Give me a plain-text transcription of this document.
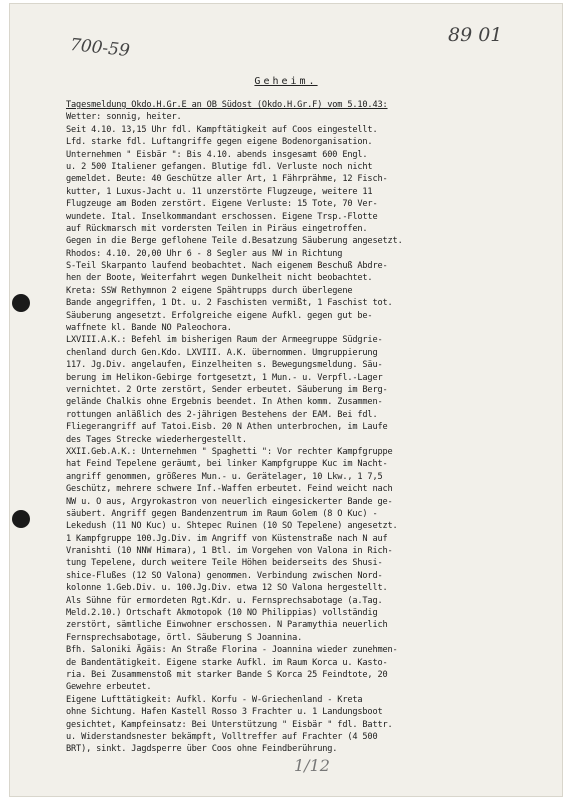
700-59	89 01
Geheim.
Tagesmeldung Okdo.H.Gr.E an OB Südost (Okdo.H.Gr.F) vom 5.10.43:
Wetter: sonnig, heiter.
Seit 4.10. 13,15 Uhr fdl. Kampftätigkeit auf Coos eingestellt.
Lfd. starke fdl. Luftangriffe gegen eigene Bodenorganisation.
Unternehmen " Eisbär ": Bis 4.10. abends insgesamt 600 Engl.
u. 2 500 Italiener gefangen. Blutige fdl. Verluste noch nicht
gemeldet. Beute: 40 Geschütze aller Art, 1 Fährprähme, 12 Fisch-
kutter, 1 Luxus-Jacht u. 11 unzerstörte Flugzeuge, weitere 11
Flugzeuge am Boden zerstört. Eigene Verluste: 15 Tote, 70 Ver-
wundete. Ital. Inselkommandant erschossen. Eigene Trsp.-Flotte
auf Rückmarsch mit vordersten Teilen in Piräus eingetroffen.
Gegen in die Berge geflohene Teile d.Besatzung Säuberung angesetzt.
Rhodos: 4.10. 20,00 Uhr 6 - 8 Segler aus NW in Richtung
S-Teil Skarpanto laufend beobachtet. Nach eigenem Beschuß Abdre-
hen der Boote, Weiterfahrt wegen Dunkelheit nicht beobachtet.
Kreta: SSW Rethymnon 2 eigene Spähtrupps durch überlegene
Bande angegriffen, 1 Dt. u. 2 Faschisten vermißt, 1 Faschist tot.
Säuberung angesetzt. Erfolgreiche eigene Aufkl. gegen gut be-
waffnete kl. Bande NO Paleochora.
LXVIII.A.K.: Befehl im bisherigen Raum der Armeegruppe Südgrie-
chenland durch Gen.Kdo. LXVIII. A.K. übernommen. Umgruppierung
117. Jg.Div. angelaufen, Einzelheiten s. Bewegungsmeldung. Säu-
berung im Helikon-Gebirge fortgesetzt, 1 Mun.- u. Verpfl.-Lager
vernichtet. 2 Orte zerstört, Sender erbeutet. Säuberung im Berg-
gelände Chalkis ohne Ergebnis beendet. In Athen komm. Zusammen-
rottungen anläßlich des 2-jährigen Bestehens der EAM. Bei fdl.
Fliegerangriff auf Tatoi.Eisb. 20 N Athen unterbrochen, im Laufe
des Tages Strecke wiederhergestellt.
XXII.Geb.A.K.: Unternehmen " Spaghetti ": Vor rechter Kampfgruppe
hat Feind Tepelene geräumt, bei linker Kampfgruppe Kuc im Nacht-
angriff genommen, größeres Mun.- u. Gerätelager, 10 Lkw., 1 7,5
Geschütz, mehrere schwere Inf.-Waffen erbeutet. Feind weicht nach
NW u. O aus, Argyrokastron von neuerlich eingesickerter Bande ge-
säubert. Angriff gegen Bandenzentrum im Raum Golem (8 O Kuc) -
Lekedush (11 NO Kuc) u. Shtepec Ruinen (10 SO Tepelene) angesetzt.
1 Kampfgruppe 100.Jg.Div. im Angriff von Küstenstraße nach N auf
Vranishti (10 NNW Himara), 1 Btl. im Vorgehen von Valona in Rich-
tung Tepelene, durch weitere Teile Höhen beiderseits des Shusi-
shice-Flußes (12 SO Valona) genommen. Verbindung zwischen Nord-
kolonne 1.Geb.Div. u. 100.Jg.Div. etwa 12 SO Valona hergestellt.
Als Sühne für ermordeten Rgt.Kdr. u. Fernsprechsabotage (a.Tag.
Meld.2.10.) Ortschaft Akmotopok (10 NO Philippias) vollständig
zerstört, sämtliche Einwohner erschossen. N Paramythia neuerlich
Fernsprechsabotage, örtl. Säuberung S Joannina.
Bfh. Saloniki Ägäis: An Straße Florina - Joannina wieder zunehmen-
de Bandentätigkeit. Eigene starke Aufkl. im Raum Korca u. Kasto-
ria. Bei Zusammenstoß mit starker Bande S Korca 25 Feindtote, 20
Gewehre erbeutet.
Eigene Lufttätigkeit: Aufkl. Korfu - W-Griechenland - Kreta
ohne Sichtung. Hafen Kastell Rosso 3 Frachter u. 1 Landungsboot
gesichtet, Kampfeinsatz: Bei Unterstützung " Eisbär " fdl. Battr.
u. Widerstandsnester bekämpft, Volltreffer auf Frachter (4 500
BRT), sinkt. Jagdsperre über Coos ohne Feindberührung.
1/12
